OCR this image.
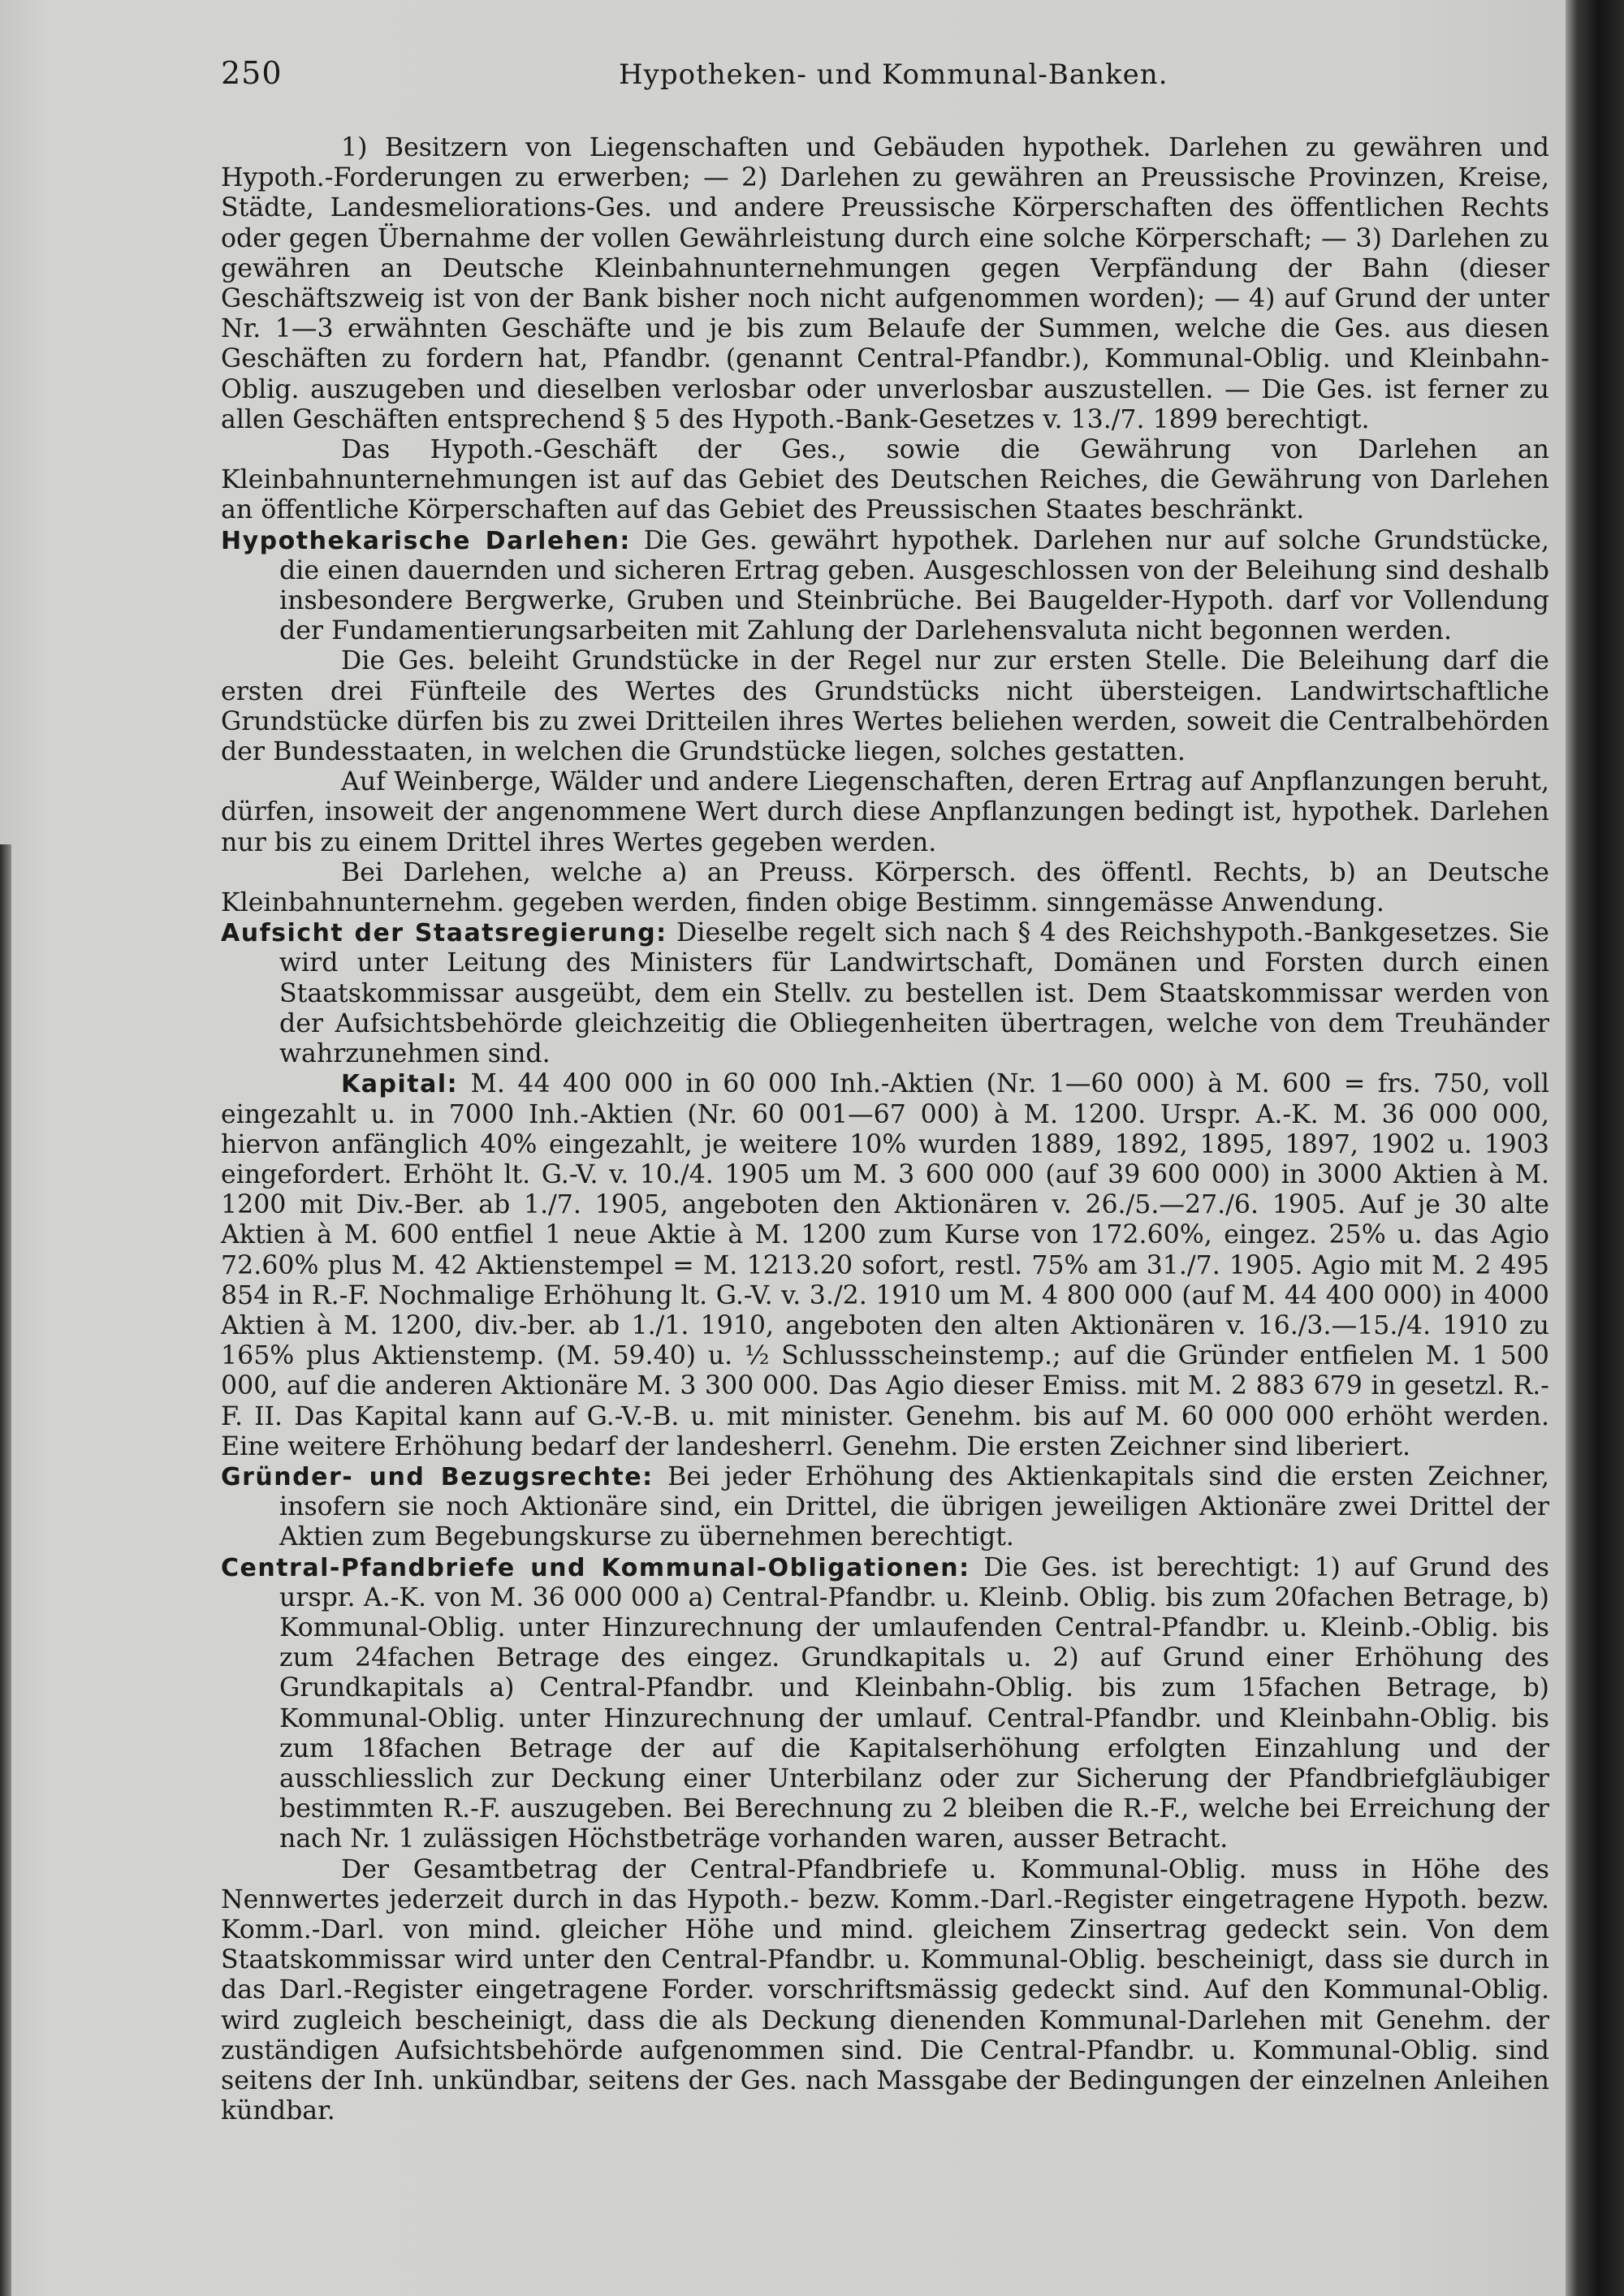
250	Hypotheken- und Kommunal-Banken.

1) Besitzern von Liegenschaften und Gebäuden hypothek. Darlehen zu gewähren und Hypoth.-Forderungen zu erwerben; — 2) Darlehen zu gewähren an Preussische Provinzen, Kreise, Städte, Landesmeliorations-Ges. und andere Preussische Körperschaften des öffentlichen Rechts oder gegen Übernahme der vollen Gewährleistung durch eine solche Körperschaft; — 3) Darlehen zu gewähren an Deutsche Kleinbahnunternehmungen gegen Verpfändung der Bahn (dieser Geschäftszweig ist von der Bank bisher noch nicht aufgenommen worden); — 4) auf Grund der unter Nr. 1—3 erwähnten Geschäfte und je bis zum Belaufe der Summen, welche die Ges. aus diesen Geschäften zu fordern hat, Pfandbr. (genannt Central-Pfandbr.), Kommunal-Oblig. und Kleinbahn-Oblig. auszugeben und dieselben verlosbar oder unverlosbar auszustellen. — Die Ges. ist ferner zu allen Geschäften entsprechend § 5 des Hypoth.-Bank-Gesetzes v. 13./7. 1899 berechtigt.

Das Hypoth.-Geschäft der Ges., sowie die Gewährung von Darlehen an Kleinbahnunternehmungen ist auf das Gebiet des Deutschen Reiches, die Gewährung von Darlehen an öffentliche Körperschaften auf das Gebiet des Preussischen Staates beschränkt.

Hypothekarische Darlehen: Die Ges. gewährt hypothek. Darlehen nur auf solche Grundstücke, die einen dauernden und sicheren Ertrag geben. Ausgeschlossen von der Beleihung sind deshalb insbesondere Bergwerke, Gruben und Steinbrüche. Bei Baugelder-Hypoth. darf vor Vollendung der Fundamentierungsarbeiten mit Zahlung der Darlehensvaluta nicht begonnen werden.

Die Ges. beleiht Grundstücke in der Regel nur zur ersten Stelle. Die Beleihung darf die ersten drei Fünfteile des Wertes des Grundstücks nicht übersteigen. Landwirtschaftliche Grundstücke dürfen bis zu zwei Dritteilen ihres Wertes beliehen werden, soweit die Centralbehörden der Bundesstaaten, in welchen die Grundstücke liegen, solches gestatten.

Auf Weinberge, Wälder und andere Liegenschaften, deren Ertrag auf Anpflanzungen beruht, dürfen, insoweit der angenommene Wert durch diese Anpflanzungen bedingt ist, hypothek. Darlehen nur bis zu einem Drittel ihres Wertes gegeben werden.

Bei Darlehen, welche a) an Preuss. Körpersch. des öffentl. Rechts, b) an Deutsche Kleinbahnunternehm. gegeben werden, finden obige Bestimm. sinngemässe Anwendung.

Aufsicht der Staatsregierung: Dieselbe regelt sich nach § 4 des Reichshypoth.-Bankgesetzes. Sie wird unter Leitung des Ministers für Landwirtschaft, Domänen und Forsten durch einen Staatskommissar ausgeübt, dem ein Stellv. zu bestellen ist. Dem Staatskommissar werden von der Aufsichtsbehörde gleichzeitig die Obliegenheiten übertragen, welche von dem Treuhänder wahrzunehmen sind.

Kapital: M. 44 400 000 in 60 000 Inh.-Aktien (Nr. 1—60 000) à M. 600 = frs. 750, voll eingezahlt u. in 7000 Inh.-Aktien (Nr. 60 001—67 000) à M. 1200. Urspr. A.-K. M. 36 000 000, hiervon anfänglich 40% eingezahlt, je weitere 10% wurden 1889, 1892, 1895, 1897, 1902 u. 1903 eingefordert. Erhöht lt. G.-V. v. 10./4. 1905 um M. 3 600 000 (auf 39 600 000) in 3000 Aktien à M. 1200 mit Div.-Ber. ab 1./7. 1905, angeboten den Aktionären v. 26./5.—27./6. 1905. Auf je 30 alte Aktien à M. 600 entfiel 1 neue Aktie à M. 1200 zum Kurse von 172.60%, eingez. 25% u. das Agio 72.60% plus M. 42 Aktienstempel = M. 1213.20 sofort, restl. 75% am 31./7. 1905. Agio mit M. 2 495 854 in R.-F. Nochmalige Erhöhung lt. G.-V. v. 3./2. 1910 um M. 4 800 000 (auf M. 44 400 000) in 4000 Aktien à M. 1200, div.-ber. ab 1./1. 1910, angeboten den alten Aktionären v. 16./3.—15./4. 1910 zu 165% plus Aktienstemp. (M. 59.40) u. ½ Schlussscheinstemp.; auf die Gründer entfielen M. 1 500 000, auf die anderen Aktionäre M. 3 300 000. Das Agio dieser Emiss. mit M. 2 883 679 in gesetzl. R.-F. II. Das Kapital kann auf G.-V.-B. u. mit minister. Genehm. bis auf M. 60 000 000 erhöht werden. Eine weitere Erhöhung bedarf der landesherrl. Genehm. Die ersten Zeichner sind liberiert.

Gründer- und Bezugsrechte: Bei jeder Erhöhung des Aktienkapitals sind die ersten Zeichner, insofern sie noch Aktionäre sind, ein Drittel, die übrigen jeweiligen Aktionäre zwei Drittel der Aktien zum Begebungskurse zu übernehmen berechtigt.

Central-Pfandbriefe und Kommunal-Obligationen: Die Ges. ist berechtigt: 1) auf Grund des urspr. A.-K. von M. 36 000 000 a) Central-Pfandbr. u. Kleinb. Oblig. bis zum 20fachen Betrage, b) Kommunal-Oblig. unter Hinzurechnung der umlaufenden Central-Pfandbr. u. Kleinb.-Oblig. bis zum 24fachen Betrage des eingez. Grundkapitals u. 2) auf Grund einer Erhöhung des Grundkapitals a) Central-Pfandbr. und Kleinbahn-Oblig. bis zum 15fachen Betrage, b) Kommunal-Oblig. unter Hinzurechnung der umlauf. Central-Pfandbr. und Kleinbahn-Oblig. bis zum 18fachen Betrage der auf die Kapitalserhöhung erfolgten Einzahlung und der ausschliesslich zur Deckung einer Unterbilanz oder zur Sicherung der Pfandbriefgläubiger bestimmten R.-F. auszugeben. Bei Berechnung zu 2 bleiben die R.-F., welche bei Erreichung der nach Nr. 1 zulässigen Höchstbeträge vorhanden waren, ausser Betracht.

Der Gesamtbetrag der Central-Pfandbriefe u. Kommunal-Oblig. muss in Höhe des Nennwertes jederzeit durch in das Hypoth.- bezw. Komm.-Darl.-Register eingetragene Hypoth. bezw. Komm.-Darl. von mind. gleicher Höhe und mind. gleichem Zinsertrag gedeckt sein. Von dem Staatskommissar wird unter den Central-Pfandbr. u. Kommunal-Oblig. bescheinigt, dass sie durch in das Darl.-Register eingetragene Forder. vorschriftsmässig gedeckt sind. Auf den Kommunal-Oblig. wird zugleich bescheinigt, dass die als Deckung dienenden Kommunal-Darlehen mit Genehm. der zuständigen Aufsichtsbehörde aufgenommen sind. Die Central-Pfandbr. u. Kommunal-Oblig. sind seitens der Inh. unkündbar, seitens der Ges. nach Massgabe der Bedingungen der einzelnen Anleihen kündbar.
